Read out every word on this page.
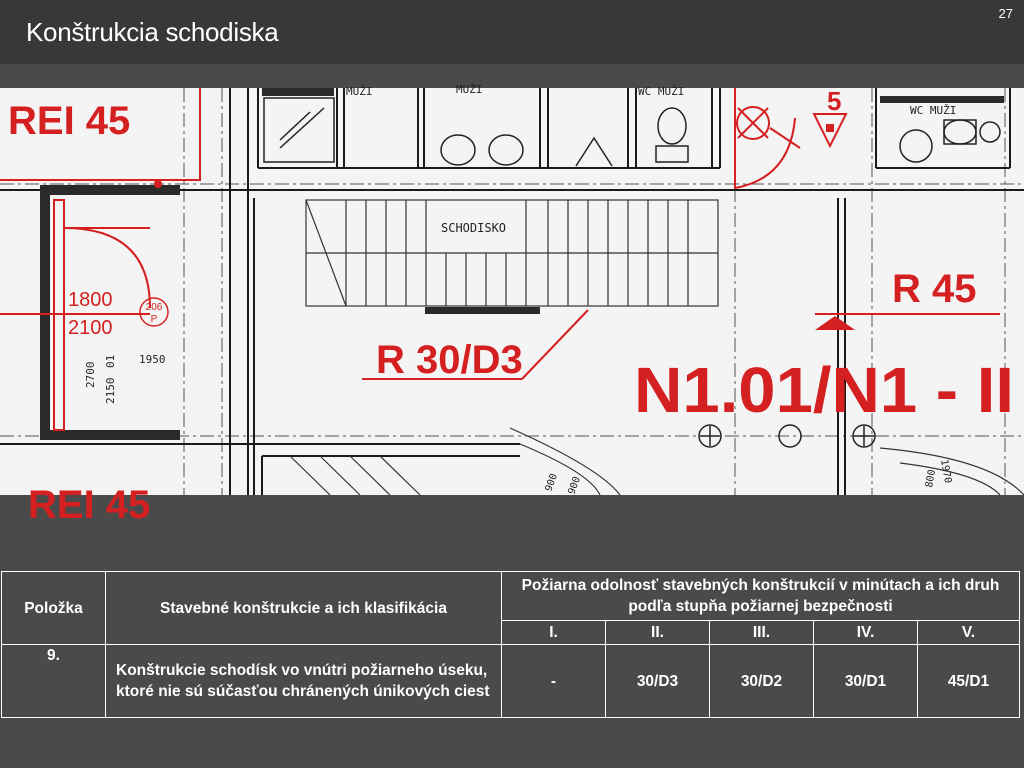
Konštrukcia schodiska
27
REI 45
REI 45
R 45
R 30/D3 N1.01/N1 - II
5
1800
2100
206
P
SCHODISKO
1950
2700
2150
01
MUŽI	MUŽI	WC MUŽI
WC MUŽI
900 900
1970
800
Položka	Stavebné konštrukcie a ich klasifikácia	Požiarna odolnosť stavebných konštrukcií v minútach a ich druh podľa stupňa požiarnej bezpečnosti				
		I.	II.	III.	IV.	V.
9.	Konštrukcie schodísk vo vnútri požiarneho úseku, ktoré nie sú súčasťou chránených únikových ciest	-	30/D3	30/D2	30/D1	45/D1
